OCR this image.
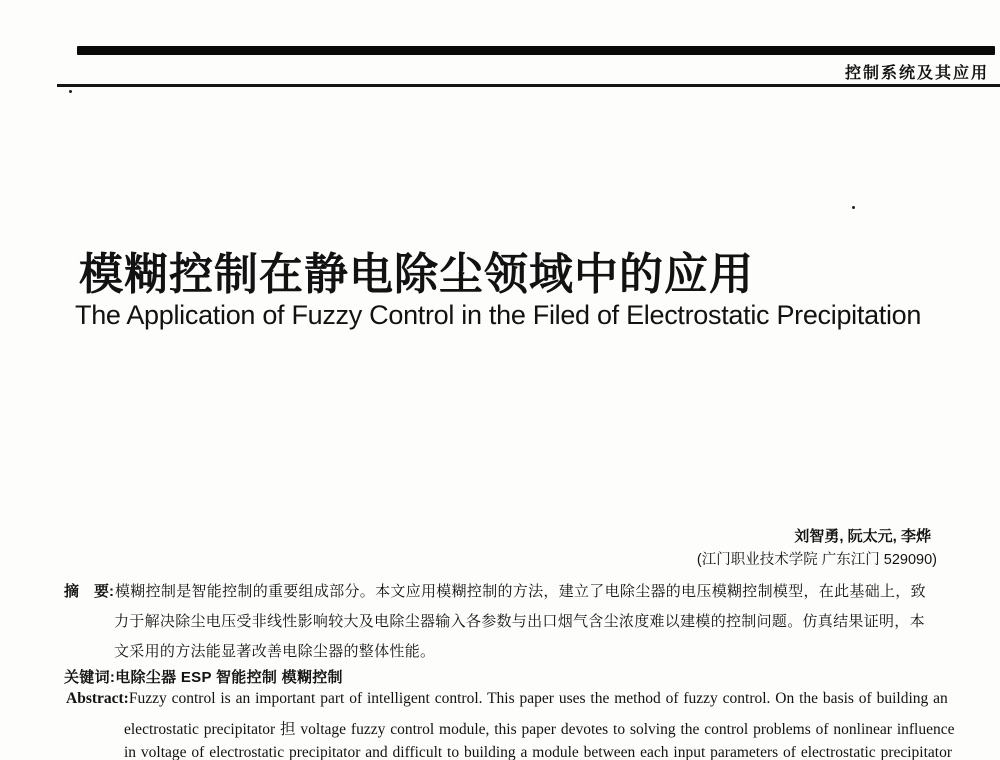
控制系统及其应用
模糊控制在静电除尘领域中的应用
The Application of Fuzzy Control in the Filed of Electrostatic Precipitation
刘智勇, 阮太元, 李烨
(江门职业技术学院 广东江门 529090)
摘　要:模糊控制是智能控制的重要组成部分。本文应用模糊控制的方法，建立了电除尘器的电压模糊控制模型，在此基础上，致
力于解决除尘电压受非线性影响较大及电除尘器输入各参数与出口烟气含尘浓度难以建模的控制问题。仿真结果证明，本
文采用的方法能显著改善电除尘器的整体性能。
关键词:电除尘器 ESP 智能控制 模糊控制
Abstract:Fuzzy control is an important part of intelligent control. This paper uses the method of fuzzy control. On the basis of building an
electrostatic precipitator 担 voltage fuzzy control module, this paper devotes to solving the control problems of nonlinear influence
in voltage of electrostatic precipitator and difficult to building a module between each input parameters of electrostatic precipitator
